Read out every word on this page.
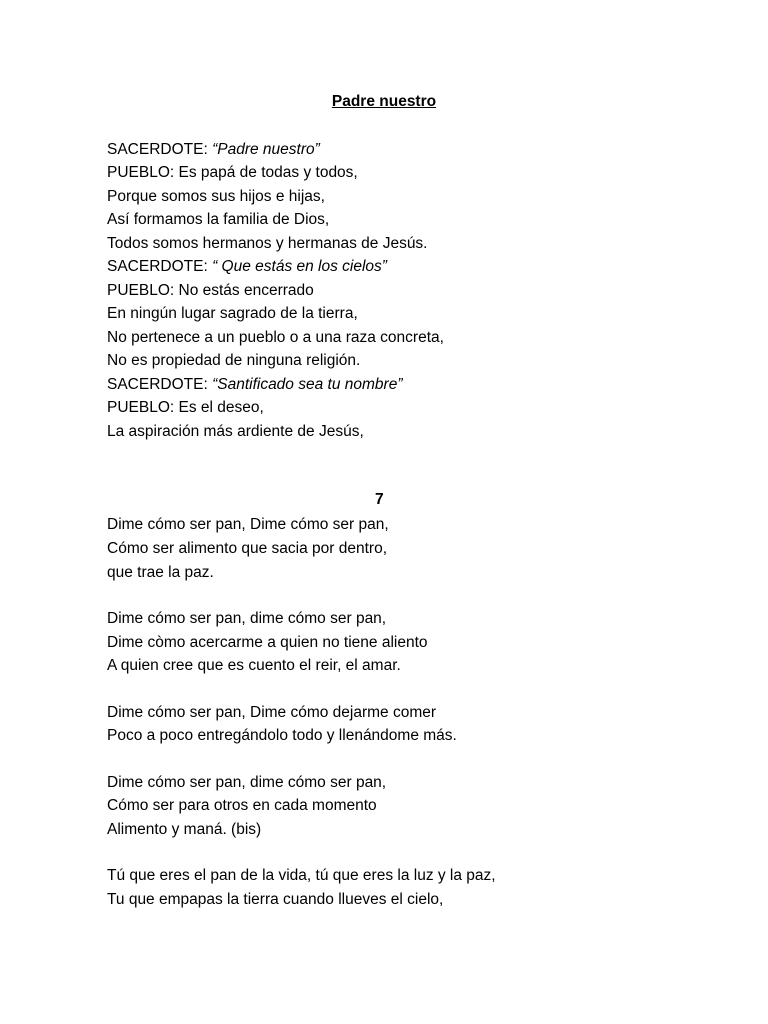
Padre nuestro
SACERDOTE: “Padre nuestro”
PUEBLO: Es papá de todas y todos,
Porque somos sus hijos e hijas,
Así formamos la familia de Dios,
Todos somos hermanos y hermanas de Jesús.
SACERDOTE: “ Que estás en los cielos”
PUEBLO: No estás encerrado
En ningún lugar sagrado de la tierra,
No pertenece a un pueblo o a una raza concreta,
No es propiedad de ninguna religión.
SACERDOTE: “Santificado sea tu nombre”
PUEBLO: Es el deseo,
La aspiración más ardiente de Jesús,
7
Dime cómo ser pan, Dime cómo ser pan,
Cómo ser alimento que sacia por dentro,
que trae la paz.
Dime cómo ser pan, dime cómo ser pan,
Dime còmo acercarme a quien no tiene aliento
A quien cree que es cuento el reir, el amar.
Dime cómo ser pan, Dime cómo dejarme comer
Poco a poco entregándolo todo y llenándome más.
Dime cómo ser pan, dime cómo ser pan,
Cómo ser para otros en cada momento
Alimento y maná. (bis)
Tú que eres el pan de la vida, tú que eres la luz y la paz,
Tu que empapas la tierra cuando llueves el cielo,
